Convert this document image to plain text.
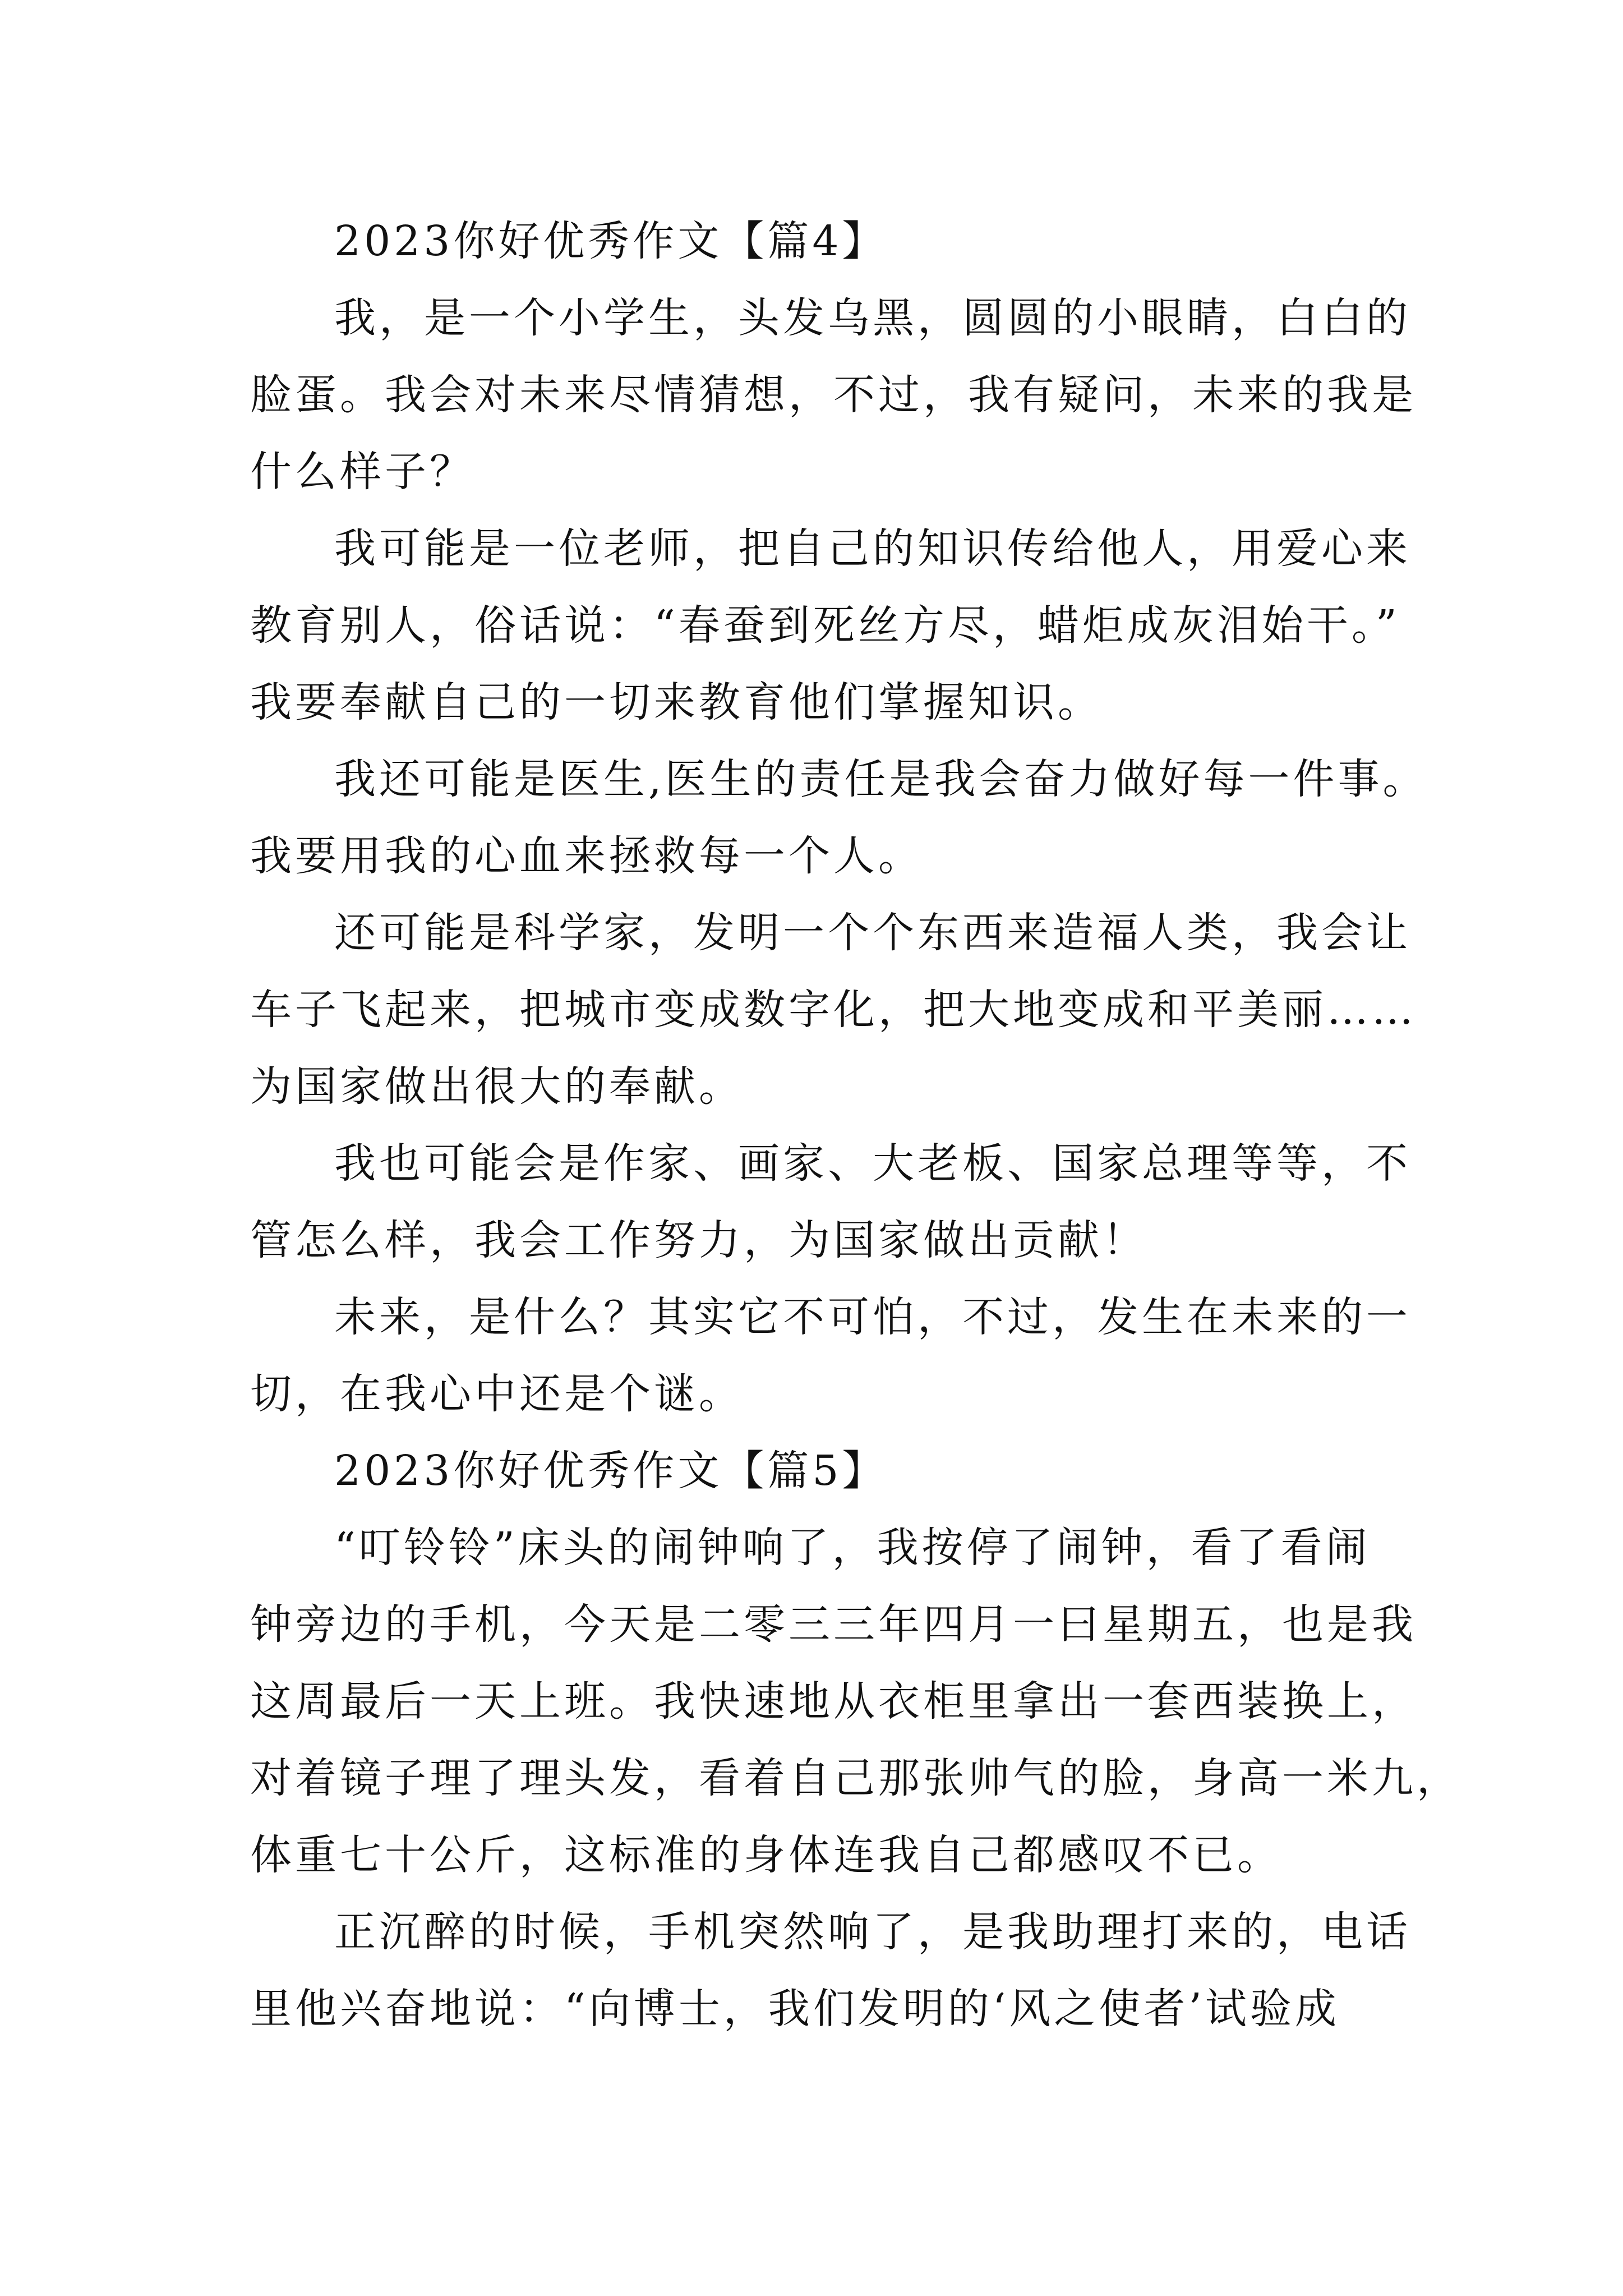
2023你好优秀作文【篇4】
我，是一个小学生，头发乌黑，圆圆的小眼睛，白白的
脸蛋。我会对未来尽情猜想，不过，我有疑问，未来的我是
什么样子？
我可能是一位老师，把自己的知识传给他人，用爱心来
教育别人，俗话说：“春蚕到死丝方尽，蜡炬成灰泪始干。”
我要奉献自己的一切来教育他们掌握知识。
我还可能是医生,医生的责任是我会奋力做好每一件事。
我要用我的心血来拯救每一个人。
还可能是科学家，发明一个个东西来造福人类，我会让
车子飞起来，把城市变成数字化，把大地变成和平美丽……
为国家做出很大的奉献。
我也可能会是作家、画家、大老板、国家总理等等，不
管怎么样，我会工作努力，为国家做出贡献！
未来，是什么？其实它不可怕，不过，发生在未来的一
切，在我心中还是个谜。
2023你好优秀作文【篇5】
“叮铃铃”床头的闹钟响了，我按停了闹钟，看了看闹
钟旁边的手机，今天是二零三三年四月一曰星期五，也是我
这周最后一天上班。我快速地从衣柜里拿出一套西装换上，
对着镜子理了理头发，看着自己那张帅气的脸，身高一米九，
体重七十公斤，这标准的身体连我自己都感叹不已。
正沉醉的时候，手机突然响了，是我助理打来的，电话
里他兴奋地说：“向博士，我们发明的‘风之使者’试验成
